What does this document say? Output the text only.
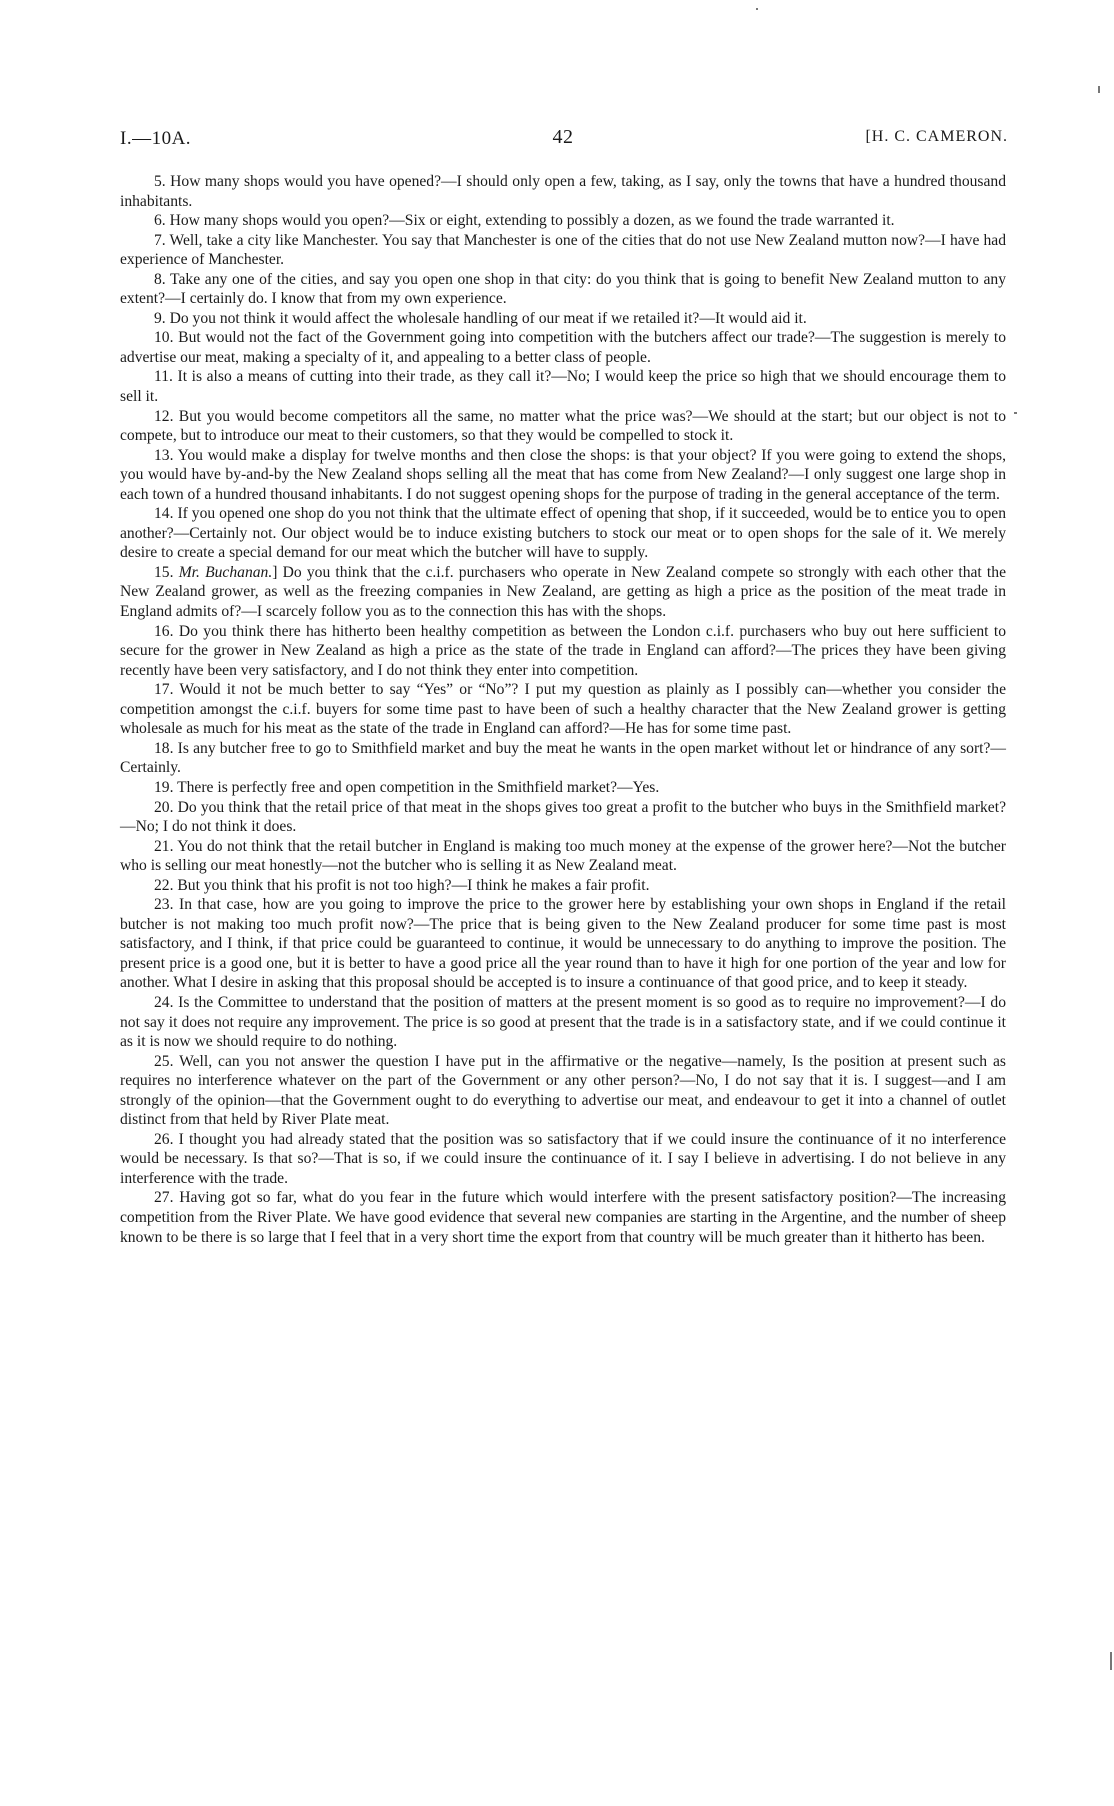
I.—10A.	42	[H. C. CAMERON.

5. How many shops would you have opened?—I should only open a few, taking, as I say, only the towns that have a hundred thousand inhabitants.

6. How many shops would you open?—Six or eight, extending to possibly a dozen, as we found the trade warranted it.

7. Well, take a city like Manchester. You say that Manchester is one of the cities that do not use New Zealand mutton now?—I have had experience of Manchester.

8. Take any one of the cities, and say you open one shop in that city: do you think that is going to benefit New Zealand mutton to any extent?—I certainly do. I know that from my own experience.

9. Do you not think it would affect the wholesale handling of our meat if we retailed it?—It would aid it.

10. But would not the fact of the Government going into competition with the butchers affect our trade?—The suggestion is merely to advertise our meat, making a specialty of it, and appealing to a better class of people.

11. It is also a means of cutting into their trade, as they call it?—No; I would keep the price so high that we should encourage them to sell it.

12. But you would become competitors all the same, no matter what the price was?—We should at the start; but our object is not to compete, but to introduce our meat to their customers, so that they would be compelled to stock it.

13. You would make a display for twelve months and then close the shops: is that your object? If you were going to extend the shops, you would have by-and-by the New Zealand shops selling all the meat that has come from New Zealand?—I only suggest one large shop in each town of a hundred thousand inhabitants. I do not suggest opening shops for the purpose of trading in the general acceptance of the term.

14. If you opened one shop do you not think that the ultimate effect of opening that shop, if it succeeded, would be to entice you to open another?—Certainly not. Our object would be to induce existing butchers to stock our meat or to open shops for the sale of it. We merely desire to create a special demand for our meat which the butcher will have to supply.

15. Mr. Buchanan.] Do you think that the c.i.f. purchasers who operate in New Zealand compete so strongly with each other that the New Zealand grower, as well as the freezing companies in New Zealand, are getting as high a price as the position of the meat trade in England admits of?—I scarcely follow you as to the connection this has with the shops.

16. Do you think there has hitherto been healthy competition as between the London c.i.f. purchasers who buy out here sufficient to secure for the grower in New Zealand as high a price as the state of the trade in England can afford?—The prices they have been giving recently have been very satisfactory, and I do not think they enter into competition.

17. Would it not be much better to say “Yes” or “No”? I put my question as plainly as I possibly can—whether you consider the competition amongst the c.i.f. buyers for some time past to have been of such a healthy character that the New Zealand grower is getting wholesale as much for his meat as the state of the trade in England can afford?—He has for some time past.

18. Is any butcher free to go to Smithfield market and buy the meat he wants in the open market without let or hindrance of any sort?—Certainly.

19. There is perfectly free and open competition in the Smithfield market?—Yes.

20. Do you think that the retail price of that meat in the shops gives too great a profit to the butcher who buys in the Smithfield market?—No; I do not think it does.

21. You do not think that the retail butcher in England is making too much money at the expense of the grower here?—Not the butcher who is selling our meat honestly—not the butcher who is selling it as New Zealand meat.

22. But you think that his profit is not too high?—I think he makes a fair profit.

23. In that case, how are you going to improve the price to the grower here by establishing your own shops in England if the retail butcher is not making too much profit now?—The price that is being given to the New Zealand producer for some time past is most satisfactory, and I think, if that price could be guaranteed to continue, it would be unnecessary to do anything to improve the position. The present price is a good one, but it is better to have a good price all the year round than to have it high for one portion of the year and low for another. What I desire in asking that this proposal should be accepted is to insure a continuance of that good price, and to keep it steady.

24. Is the Committee to understand that the position of matters at the present moment is so good as to require no improvement?—I do not say it does not require any improvement. The price is so good at present that the trade is in a satisfactory state, and if we could continue it as it is now we should require to do nothing.

25. Well, can you not answer the question I have put in the affirmative or the negative—namely, Is the position at present such as requires no interference whatever on the part of the Government or any other person?—No, I do not say that it is. I suggest—and I am strongly of the opinion—that the Government ought to do everything to advertise our meat, and endeavour to get it into a channel of outlet distinct from that held by River Plate meat.

26. I thought you had already stated that the position was so satisfactory that if we could insure the continuance of it no interference would be necessary. Is that so?—That is so, if we could insure the continuance of it. I say I believe in advertising. I do not believe in any interference with the trade.

27. Having got so far, what do you fear in the future which would interfere with the present satisfactory position?—The increasing competition from the River Plate. We have good evidence that several new companies are starting in the Argentine, and the number of sheep known to be there is so large that I feel that in a very short time the export from that country will be much greater than it hitherto has been.
